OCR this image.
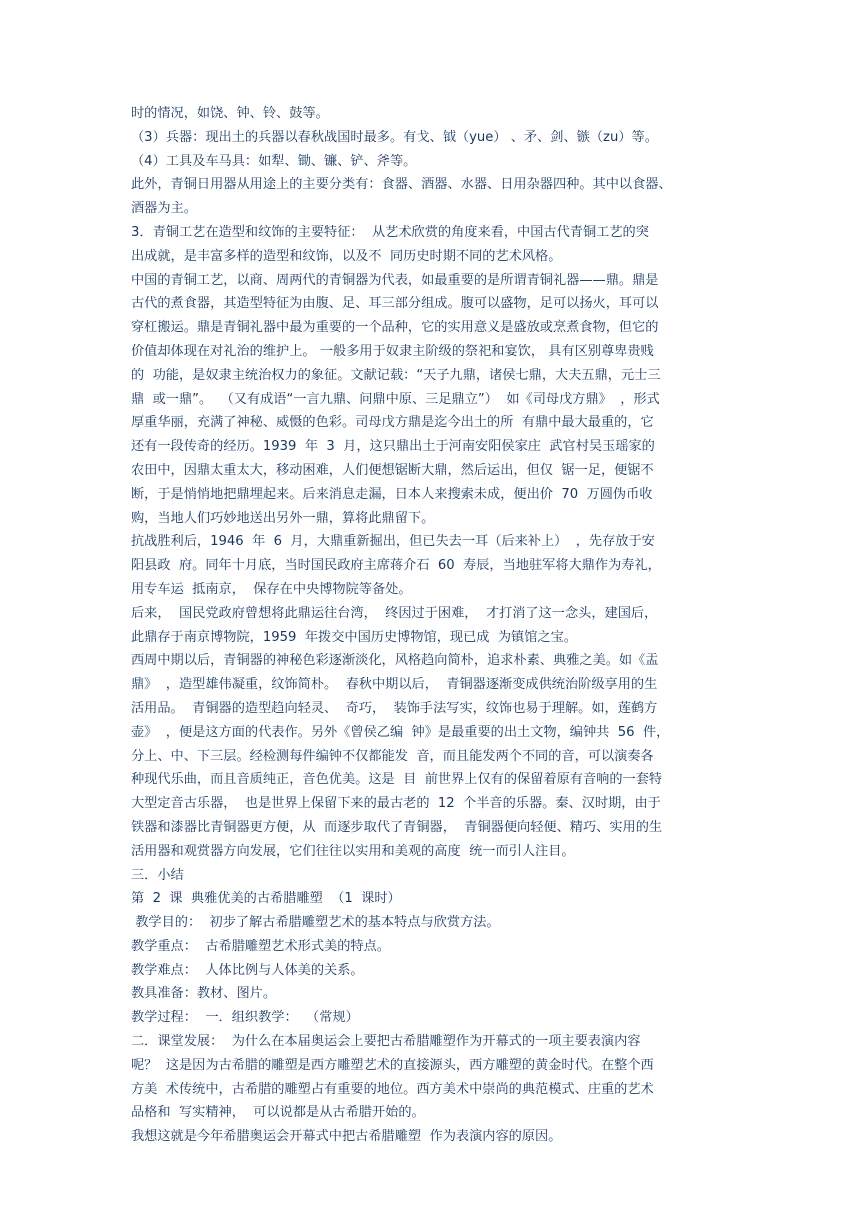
时的情况，如饶、钟、铃、鼓等。
（3）兵器：现出土的兵器以春秋战国时最多。有戈、钺（yue） 、矛、剑、镞（zu）等。
（4）工具及车马具：如犁、锄、镰、铲、斧等。
此外，青铜日用器从用途上的主要分类有：食器、酒器、水器、日用杂器四种。其中以食器、
酒器为主。
3．青铜工艺在造型和纹饰的主要特征：  从艺术欣赏的角度来看，中国古代青铜工艺的突
出成就，是丰富多样的造型和纹饰，以及不  同历史时期不同的艺术风格。
中国的青铜工艺，以商、周两代的青铜器为代表，如最重要的是所谓青铜礼器——鼎。鼎是
古代的煮食器，其造型特征为由腹、足、耳三部分组成。腹可以盛物，足可以扬火，耳可以
穿杠搬运。鼎是青铜礼器中最为重要的一个品种，它的实用意义是盛放或烹煮食物，但它的
价值却体现在对礼治的维护上。 一般多用于奴隶主阶级的祭祀和宴饮， 具有区别尊卑贵贱
的  功能，是奴隶主统治权力的象征。文献记载：“天子九鼎，诸侯七鼎，大夫五鼎，元士三
鼎  或一鼎”。  （又有成语“一言九鼎、问鼎中原、三足鼎立”）  如《司母戊方鼎》  ，形式
厚重华丽，充满了神秘、威慑的色彩。司母戊方鼎是迄今出土的所  有鼎中最大最重的，它
还有一段传奇的经历。1939  年  3  月，这只鼎出土于河南安阳侯家庄  武官村吴玉瑶家的
农田中，因鼎太重太大，移动困难，人们便想锯断大鼎，然后运出，但仅  锯一足，便锯不
断，于是悄悄地把鼎埋起来。后来消息走漏，日本人来搜索未成，便出价  70  万圆伪币收
购，当地人们巧妙地送出另外一鼎，算将此鼎留下。
抗战胜利后，1946  年  6  月，大鼎重新掘出，但已失去一耳（后来补上）  ，先存放于安
阳县政  府。同年十月底，当时国民政府主席蒋介石  60  寿辰，当地驻军将大鼎作为寿礼，
用专车运  抵南京，  保存在中央博物院等备处。
后来，  国民党政府曾想将此鼎运往台湾，  终因过于困难，  才打消了这一念头，建国后，
此鼎存于南京博物院，1959  年拨交中国历史博物馆，现已成  为镇馆之宝。
西周中期以后，青铜器的神秘色彩逐渐淡化，风格趋向简朴，追求朴素、典雅之美。如《盂
鼎》  ，造型雄伟凝重，纹饰简朴。  春秋中期以后，  青铜器逐渐变成供统治阶级享用的生
活用品。  青铜器的造型趋向轻灵、  奇巧，  装饰手法写实，纹饰也易于理解。如，莲鹤方
壶》  ，便是这方面的代表作。另外《曾侯乙编  钟》是最重要的出土文物，编钟共  56  件，
分上、中、下三层。经检测每件编钟不仅都能发  音，而且能发两个不同的音，可以演奏各
种现代乐曲，而且音质纯正，音色优美。这是  目  前世界上仅有的保留着原有音响的一套特
大型定音古乐器，  也是世界上保留下来的最古老的  12  个半音的乐器。秦、汉时期，由于
铁器和漆器比青铜器更方便，从  而逐步取代了青铜器，  青铜器便向轻便、精巧、实用的生
活用器和观赏器方向发展，它们往往以实用和美观的高度  统一而引人注目。
三．小结
第  2  课  典雅优美的古希腊雕塑  （1  课时）
教学目的：  初步了解古希腊雕塑艺术的基本特点与欣赏方法。
教学重点：  古希腊雕塑艺术形式美的特点。
教学难点：  人体比例与人体美的关系。
教具准备：教材、图片。
教学过程：  一．组织教学：  （常规）
二．课堂发展：  为什么在本届奥运会上要把古希腊雕塑作为开幕式的一项主要表演内容
呢？  这是因为古希腊的雕塑是西方雕塑艺术的直接源头，西方雕塑的黄金时代。在整个西
方美  术传统中，古希腊的雕塑占有重要的地位。西方美术中崇尚的典范模式、庄重的艺术
品格和  写实精神，  可以说都是从古希腊开始的。
我想这就是今年希腊奥运会开幕式中把古希腊雕塑  作为表演内容的原因。
